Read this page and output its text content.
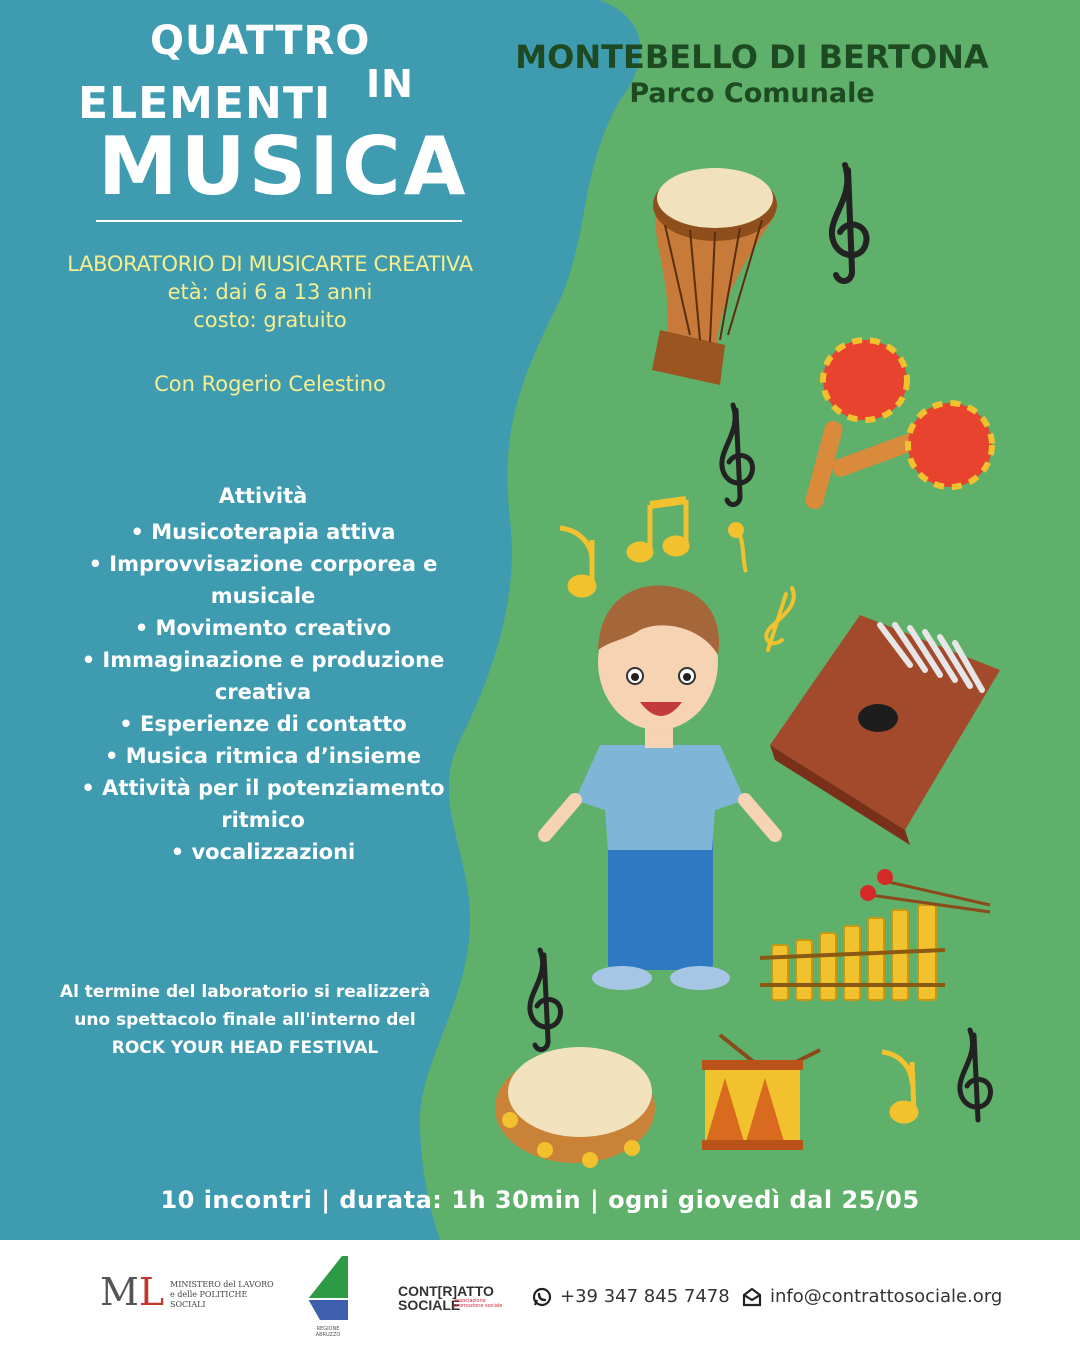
QUATTRO
ELEMENTI IN
MUSICA
MONTEBELLO DI BERTONA
Parco Comunale
LABORATORIO DI MUSICARTE CREATIVA
età: dai 6 a 13 anni
costo: gratuito
Con Rogerio Celestino
Attività
• Musicoterapia attiva
• Improvvisazione corporea e musicale
• Movimento creativo
• Immaginazione e produzione creativa
• Esperienze di contatto
• Musica ritmica d’insieme
• Attività per il potenziamento ritmico
• vocalizzazioni
Al termine del laboratorio si realizzerà
uno spettacolo finale all'interno del
ROCK YOUR HEAD FESTIVAL
10 incontri | durata: 1h 30min | ogni giovedì dal 25/05
ML MINISTERO del LAVORO e delle POLITICHE SOCIALI
REGIONE ABRUZZO
CONT[R]ATTO
SOCIALE
associazione promozione sociale	+39 347 845 7478 info@contrattosociale.org
